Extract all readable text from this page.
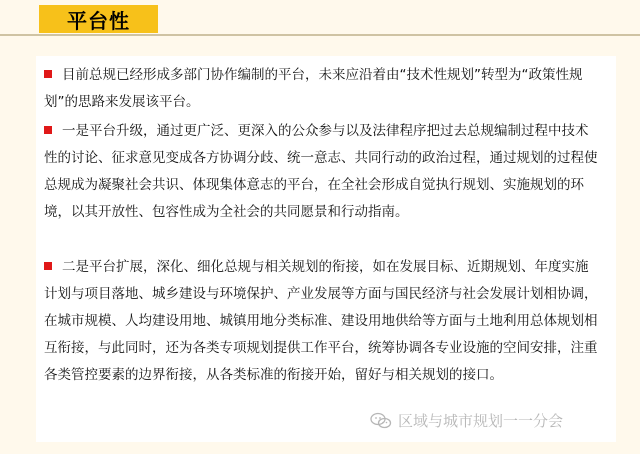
平台性

目前总规已经形成多部门协作编制的平台，未来应沿着由“技术性规划”转型为“政策性规划”的思路来发展该平台。

一是平台升级，通过更广泛、更深入的公众参与以及法律程序把过去总规编制过程中技术性的讨论、征求意见变成各方协调分歧、统一意志、共同行动的政治过程，通过规划的过程使总规成为凝聚社会共识、体现集体意志的平台，在全社会形成自觉执行规划、实施规划的环境，以其开放性、包容性成为全社会的共同愿景和行动指南。

二是平台扩展，深化、细化总规与相关规划的衔接，如在发展目标、近期规划、年度实施计划与项目落地、城乡建设与环境保护、产业发展等方面与国民经济与社会发展计划相协调，在城市规模、人均建设用地、城镇用地分类标准、建设用地供给等方面与土地利用总体规划相互衔接，与此同时，还为各类专项规划提供工作平台，统筹协调各专业设施的空间安排，注重各类管控要素的边界衔接，从各类标准的衔接开始，留好与相关规划的接口。

区域与城市规划一一分会
